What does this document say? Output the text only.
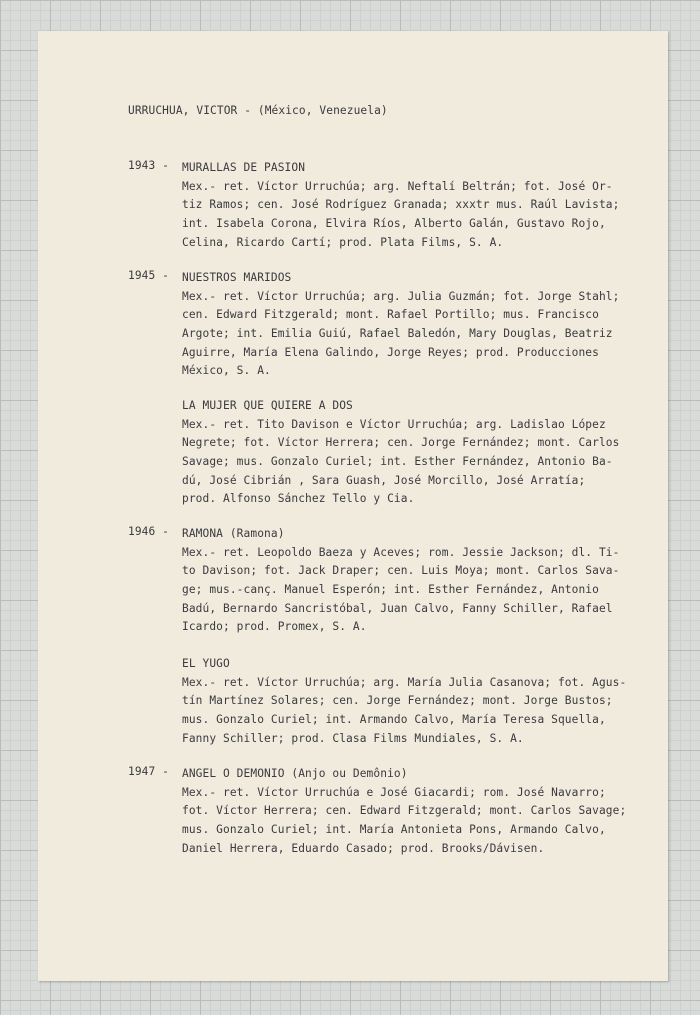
URRUCHUA, VICTOR - (México, Venezuela)
1943 -	MURALLAS DE PASION
Mex.- ret. Víctor Urruchúa; arg. Neftalí Beltrán; fot. José Or-
tiz Ramos; cen. José Rodríguez Granada; xxxtr mus. Raúl Lavista;
int. Isabela Corona, Elvira Ríos, Alberto Galán, Gustavo Rojo,
Celina, Ricardo Cartí; prod. Plata Films, S. A.
1945 -	NUESTROS MARIDOS
Mex.- ret. Víctor Urruchúa; arg. Julia Guzmán; fot. Jorge Stahl;
cen. Edward Fitzgerald; mont. Rafael Portillo; mus. Francisco
Argote; int. Emilia Guiú, Rafael Baledón, Mary Douglas, Beatriz
Aguirre, María Elena Galindo, Jorge Reyes; prod. Producciones
México, S. A.
LA MUJER QUE QUIERE A DOS
Mex.- ret. Tito Davison e Víctor Urruchúa; arg. Ladislao López
Negrete; fot. Víctor Herrera; cen. Jorge Fernández; mont. Carlos
Savage; mus. Gonzalo Curiel; int. Esther Fernández, Antonio Ba-
dú, José Cibrián , Sara Guash, José Morcillo, José Arratía;
prod. Alfonso Sánchez Tello y Cia.
1946 -	RAMONA (Ramona)
Mex.- ret. Leopoldo Baeza y Aceves; rom. Jessie Jackson; dl. Ti-
to Davison; fot. Jack Draper; cen. Luis Moya; mont. Carlos Sava-
ge; mus.-canç. Manuel Esperón; int. Esther Fernández, Antonio
Badú, Bernardo Sancristóbal, Juan Calvo, Fanny Schiller, Rafael
Icardo; prod. Promex, S. A.
EL YUGO
Mex.- ret. Víctor Urruchúa; arg. María Julia Casanova; fot. Agus-
tín Martínez Solares; cen. Jorge Fernández; mont. Jorge Bustos;
mus. Gonzalo Curiel; int. Armando Calvo, María Teresa Squella,
Fanny Schiller; prod. Clasa Films Mundiales, S. A.
1947 -	ANGEL O DEMONIO (Anjo ou Demônio)
Mex.- ret. Víctor Urruchúa e José Giacardi; rom. José Navarro;
fot. Víctor Herrera; cen. Edward Fitzgerald; mont. Carlos Savage;
mus. Gonzalo Curiel; int. María Antonieta Pons, Armando Calvo,
Daniel Herrera, Eduardo Casado; prod. Brooks/Dávisen.
